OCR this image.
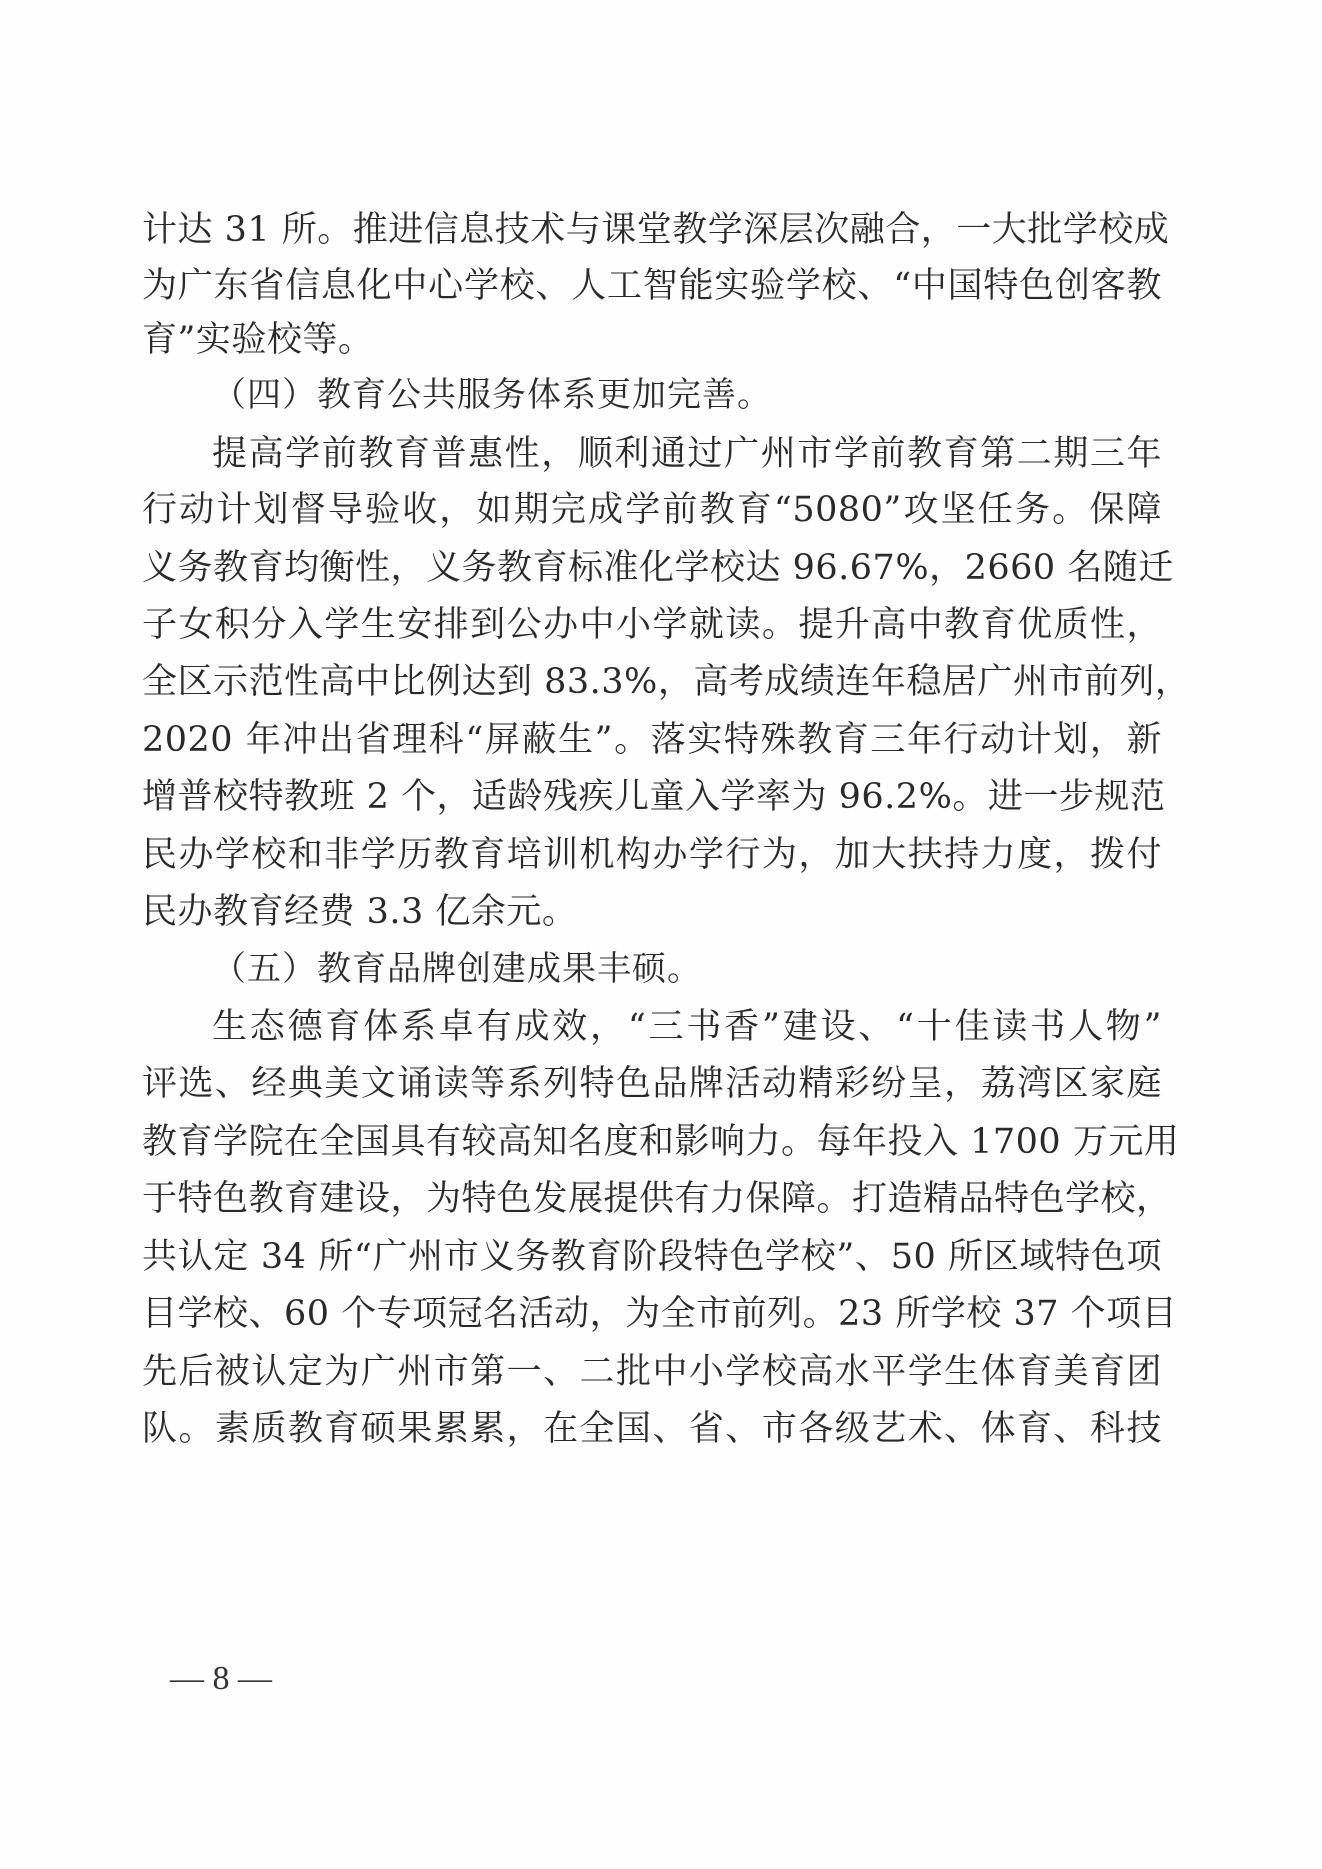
计达 31 所。推进信息技术与课堂教学深层次融合，一大批学校成
为广东省信息化中心学校、人工智能实验学校、“中国特色创客教
育”实验校等。
（四）教育公共服务体系更加完善。
提高学前教育普惠性，顺利通过广州市学前教育第二期三年
行动计划督导验收，如期完成学前教育“5080”攻坚任务。保障
义务教育均衡性，义务教育标准化学校达 96.67%，2660 名随迁
子女积分入学生安排到公办中小学就读。提升高中教育优质性，
全区示范性高中比例达到 83.3%，高考成绩连年稳居广州市前列，
2020 年冲出省理科“屏蔽生”。落实特殊教育三年行动计划，新
增普校特教班 2 个，适龄残疾儿童入学率为 96.2%。进一步规范
民办学校和非学历教育培训机构办学行为，加大扶持力度，拨付
民办教育经费 3.3 亿余元。
（五）教育品牌创建成果丰硕。
生态德育体系卓有成效，“三书香”建设、“十佳读书人物”
评选、经典美文诵读等系列特色品牌活动精彩纷呈，荔湾区家庭
教育学院在全国具有较高知名度和影响力。每年投入 1700 万元用
于特色教育建设，为特色发展提供有力保障。打造精品特色学校，
共认定 34 所“广州市义务教育阶段特色学校”、50 所区域特色项
目学校、60 个专项冠名活动，为全市前列。23 所学校 37 个项目
先后被认定为广州市第一、二批中小学校高水平学生体育美育团
队。素质教育硕果累累，在全国、省、市各级艺术、体育、科技
— 8 —
